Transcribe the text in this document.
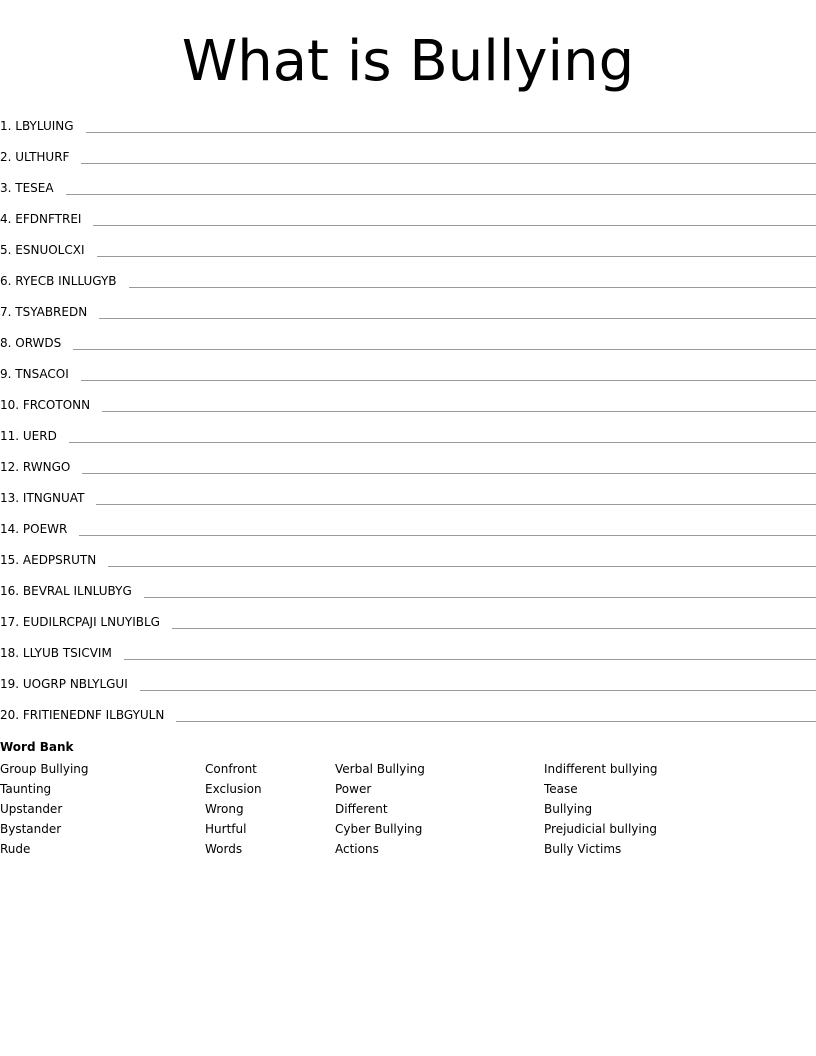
What is Bullying
1. LBYLUING
2. ULTHURF
3. TESEA
4. EFDNFTREI
5. ESNUOLCXI
6. RYECB INLLUGYB
7. TSYABREDN
8. ORWDS
9. TNSACOI
10. FRCOTONN
11. UERD
12. RWNGO
13. ITNGNUAT
14. POEWR
15. AEDPSRUTN
16. BEVRAL ILNLUBYG
17. EUDILRCPAJI LNUYIBLG
18. LLYUB TSICVIM
19. UOGRP NBLYLGUI
20. FRITIENEDNF ILBGYULN
Word Bank
Group Bullying
Taunting
Upstander
Bystander
Rude
Confront
Exclusion
Wrong
Hurtful
Words
Verbal Bullying
Power
Different
Cyber Bullying
Actions
Indifferent bullying
Tease
Bullying
Prejudicial bullying
Bully Victims
